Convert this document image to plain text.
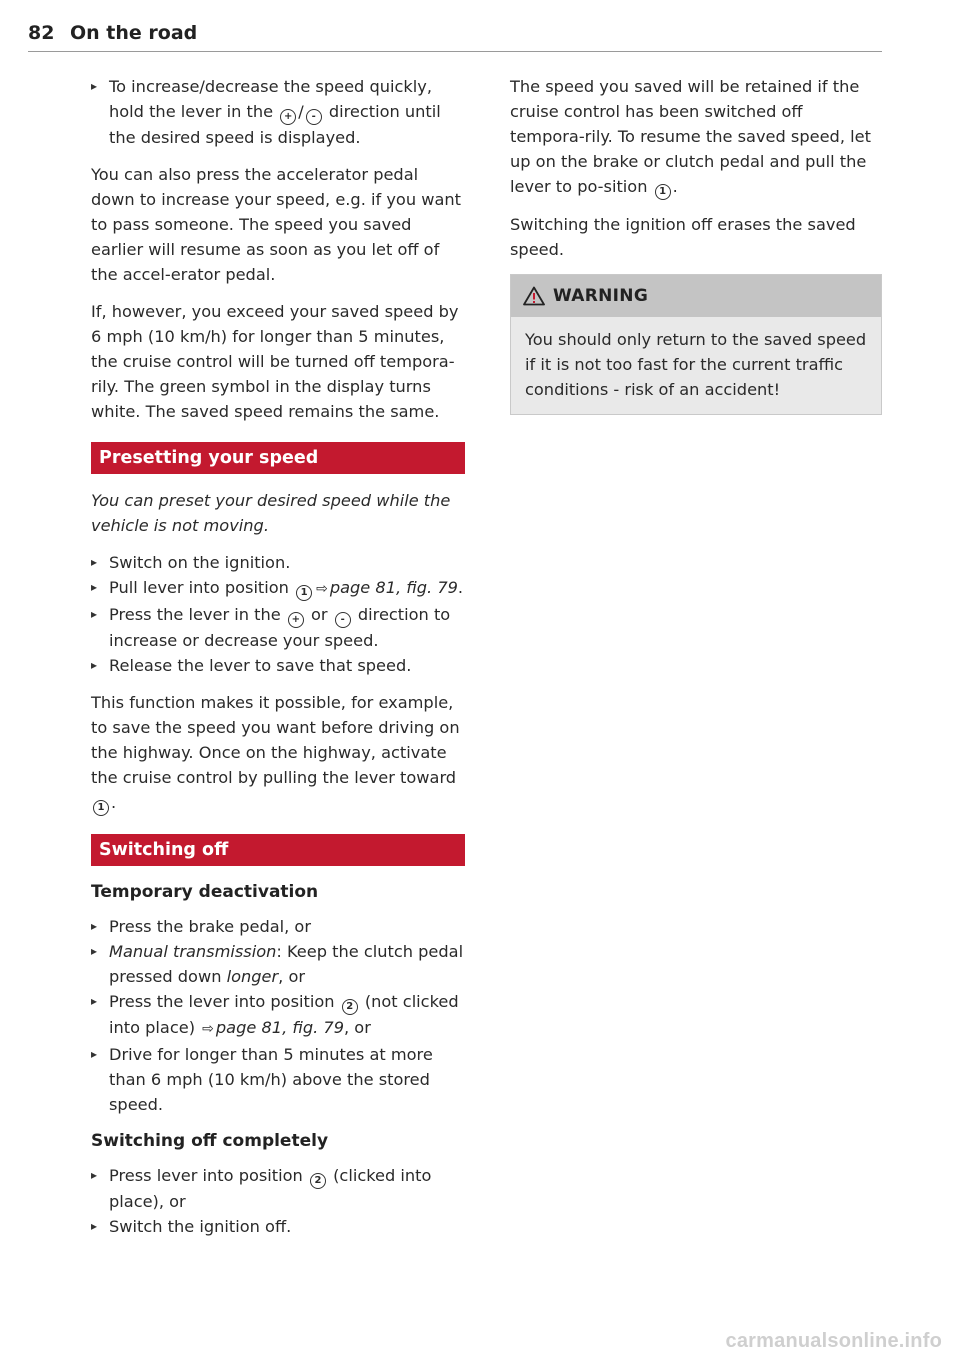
82 On the road
▸ To increase/decrease the speed quickly, hold the lever in the + / - direction until the desired speed is displayed.

You can also press the accelerator pedal down to increase your speed, e.g. if you want to pass someone. The speed you saved earlier will resume as soon as you let off of the accel-erator pedal.

If, however, you exceed your saved speed by 6 mph (10 km/h) for longer than 5 minutes, the cruise control will be turned off tempora-rily. The green symbol in the display turns white. The saved speed remains the same.

Presetting your speed

You can preset your desired speed while the vehicle is not moving.

▸ Switch on the ignition.
▸ Pull lever into position 1 ⇨ page 81, fig. 79.
▸ Press the lever in the + or - direction to increase or decrease your speed.
▸ Release the lever to save that speed.

This function makes it possible, for example, to save the speed you want before driving on the highway. Once on the highway, activate the cruise control by pulling the lever toward 1 .

Switching off
Temporary deactivation
▸ Press the brake pedal, or
▸ Manual transmission: Keep the clutch pedal pressed down longer, or
▸ Press the lever into position 2 (not clicked into place) ⇨ page 81, fig. 79, or
▸ Drive for longer than 5 minutes at more than 6 mph (10 km/h) above the stored speed.
Switching off completely
▸ Press lever into position 2 (clicked into place), or
▸ Switch the ignition off.

The speed you saved will be retained if the cruise control has been switched off tempora-rily. To resume the saved speed, let up on the brake or clutch pedal and pull the lever to po-sition 1 .

Switching the ignition off erases the saved speed.

WARNING

You should only return to the saved speed if it is not too fast for the current traffic conditions - risk of an accident!

carmanualsonline.info
